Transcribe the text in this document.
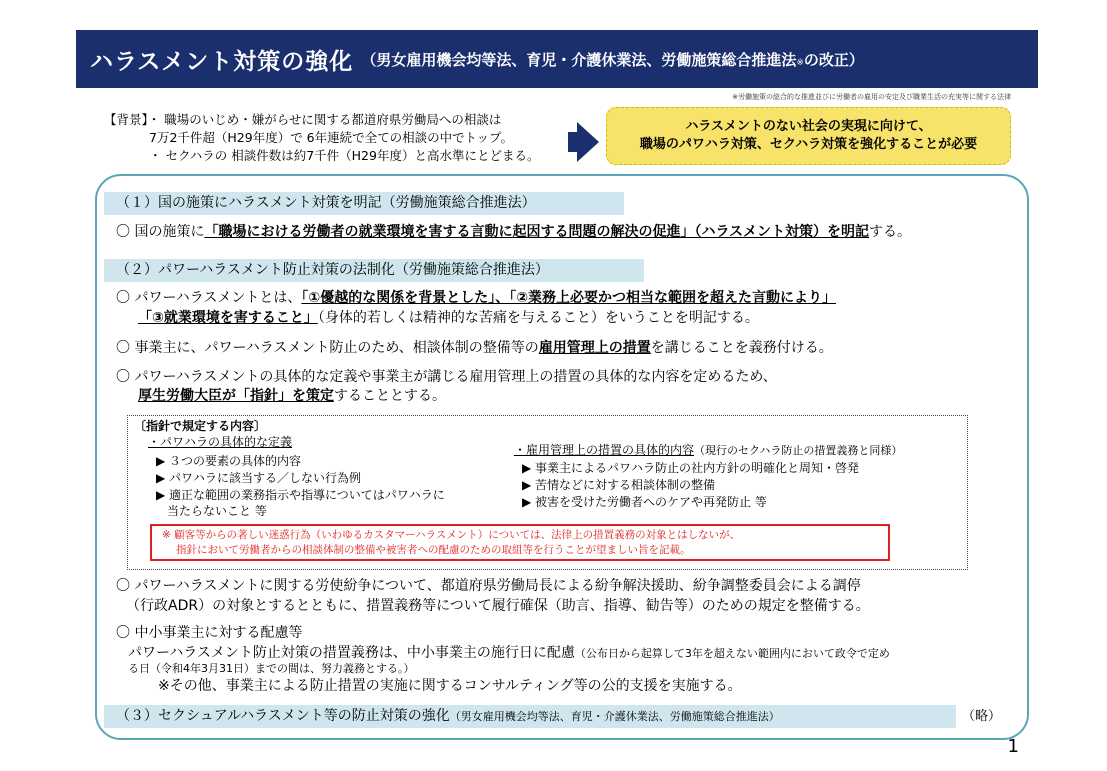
ハラスメント対策の強化 （男女雇用機会均等法、育児・介護休業法、労働施策総合推進法※の改正）
※労働施策の総合的な推進並びに労働者の雇用の安定及び職業生活の充実等に関する法律
【背景】・ 職場のいじめ・嫌がらせに関する都道府県労働局への相談は
7万2千件超（H29年度）で 6年連続で全ての相談の中でトップ。
・ セクハラの 相談件数は約7千件（H29年度）と高水準にとどまる。
ハラスメントのない社会の実現に向けて、
職場のパワハラ対策、セクハラ対策を強化することが必要
（１）国の施策にハラスメント対策を明記（労働施策総合推進法）
〇 国の施策に「職場における労働者の就業環境を害する言動に起因する問題の解決の促進」（ハラスメント対策）を明記する。
（２）パワーハラスメント防止対策の法制化（労働施策総合推進法）
〇 パワーハラスメントとは、「①優越的な関係を背景とした」、「②業務上必要かつ相当な範囲を超えた言動により」
「③就業環境を害すること」（身体的若しくは精神的な苦痛を与えること）をいうことを明記する。
〇 事業主に、パワーハラスメント防止のため、相談体制の整備等の雇用管理上の措置を講じることを義務付ける。
〇 パワーハラスメントの具体的な定義や事業主が講じる雇用管理上の措置の具体的な内容を定めるため、
厚生労働大臣が「指針」を策定することとする。
〔指針で規定する内容〕
・パワハラの具体的な定義
▶ ３つの要素の具体的内容
▶ パワハラに該当する／しない行為例
▶ 適正な範囲の業務指示や指導についてはパワハラに
当たらないこと 等
・雇用管理上の措置の具体的内容（現行のセクハラ防止の措置義務と同様）
▶ 事業主によるパワハラ防止の社内方針の明確化と周知・啓発
▶ 苦情などに対する相談体制の整備
▶ 被害を受けた労働者へのケアや再発防止 等
※ 顧客等からの著しい迷惑行為（いわゆるカスタマーハラスメント）については、法律上の措置義務の対象とはしないが、
指針において労働者からの相談体制の整備や被害者への配慮のための取組等を行うことが望ましい旨を記載。
〇 パワーハラスメントに関する労使紛争について、都道府県労働局長による紛争解決援助、紛争調整委員会による調停
（行政ADR）の対象とするとともに、措置義務等について履行確保（助言、指導、勧告等）のための規定を整備する。
〇 中小事業主に対する配慮等
パワーハラスメント防止対策の措置義務は、中小事業主の施行日に配慮（公布日から起算して3年を超えない範囲内において政令で定め
る日（令和4年3月31日）までの間は、努力義務とする。）
※その他、事業主による防止措置の実施に関するコンサルティング等の公的支援を実施する。
（３）セクシュアルハラスメント等の防止対策の強化（男女雇用機会均等法、育児・介護休業法、労働施策総合推進法）	（略）
1
